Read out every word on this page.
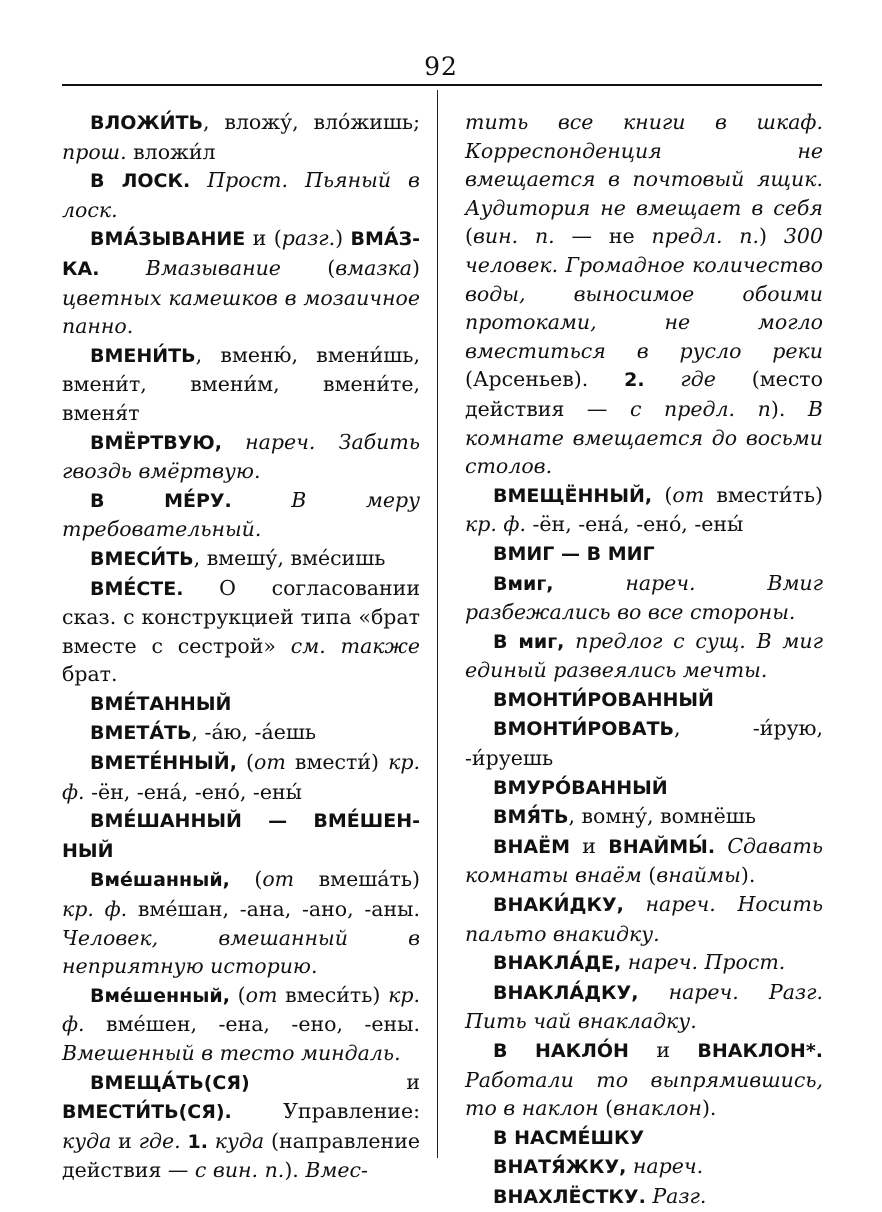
92

ВЛОЖИ́ТЬ, вложу́, вло́жишь; прош. вложи́л

В ЛОСК. Прост. Пьяный в лоск.

ВМА́ЗЫВАНИЕ и (разг.) ВМА́З-КА. Вмазывание (вмазка) цветных камешков в мозаичное панно.

ВМЕНИ́ТЬ, вменю́, вмени́шь, вмени́т, вмени́м, вмени́те, вменя́т

ВМЁРТВУЮ, нареч. Забить гвоздь вмёртвую.

В МЕ́РУ.	В меру требовательный.

ВМЕСИ́ТЬ, вмешу́, вме́сишь

ВМЕ́СТЕ. О согласовании сказ. с конструкцией типа «брат вместе с сестрой» см. также брат.

ВМЕ́ТАННЫЙ

ВМЕТА́ТЬ, -а́ю, -а́ешь

ВМЕТЕ́ННЫЙ, (от вмести́) кр. ф. -ён, -ена́, -ено́, -ены́

ВМЕ́ШАННЫЙ — ВМЕ́ШЕН-НЫЙ

Вме́шанный, (от вмеша́ть) кр. ф. вме́шан, -ана, -ано, -аны. Человек, вмешанный в неприятную историю.

Вме́шенный, (от вмеси́ть) кр. ф. вме́шен, -ена, -ено, -ены. Вмешенный в тесто миндаль.

ВМЕЩА́ТЬ(СЯ) и ВМЕСТИ́ТЬ(СЯ). Управление: куда и где. 1. куда (направление действия — с вин. п.). Вмес-

тить все книги в шкаф. Корреспонденция не вмещается в почтовый ящик. Аудитория не вмещает в себя (вин. п. — не предл. п.) 300 человек. Громадное количество воды, выносимое обоими протоками, не могло вместиться в русло реки (Арсеньев). 2. где (место действия — с предл. п). В комнате вмещается до восьми столов.

ВМЕЩЁННЫЙ, (от вмести́ть) кр. ф. -ён, -ена́, -ено́, -ены́

ВМИГ — В МИГ

Вмиг,	нареч. Вмиг разбежались во все стороны.

В миг, предлог с сущ. В миг единый развеялись мечты.

ВМОНТИ́РОВАННЫЙ

ВМОНТИ́РОВАТЬ, -и́рую, -и́руешь

ВМУРО́ВАННЫЙ

ВМЯ́ТЬ, вомну́, вомнёшь

ВНАЁМ и ВНАЙМЫ́. Сдавать комнаты внаём (внаймы).

ВНАКИ́ДКУ, нареч. Носить пальто внакидку.

ВНАКЛА́ДЕ, нареч. Прост.

ВНАКЛА́ДКУ, нареч. Разг. Пить чай внакладку.

В НАКЛО́Н и ВНАКЛОН*. Работали то выпрямившись, то в наклон (внаклон).

В НАСМЕ́ШКУ

ВНАТЯ́ЖКУ, нареч.

ВНАХЛЁСТКУ. Разг.
